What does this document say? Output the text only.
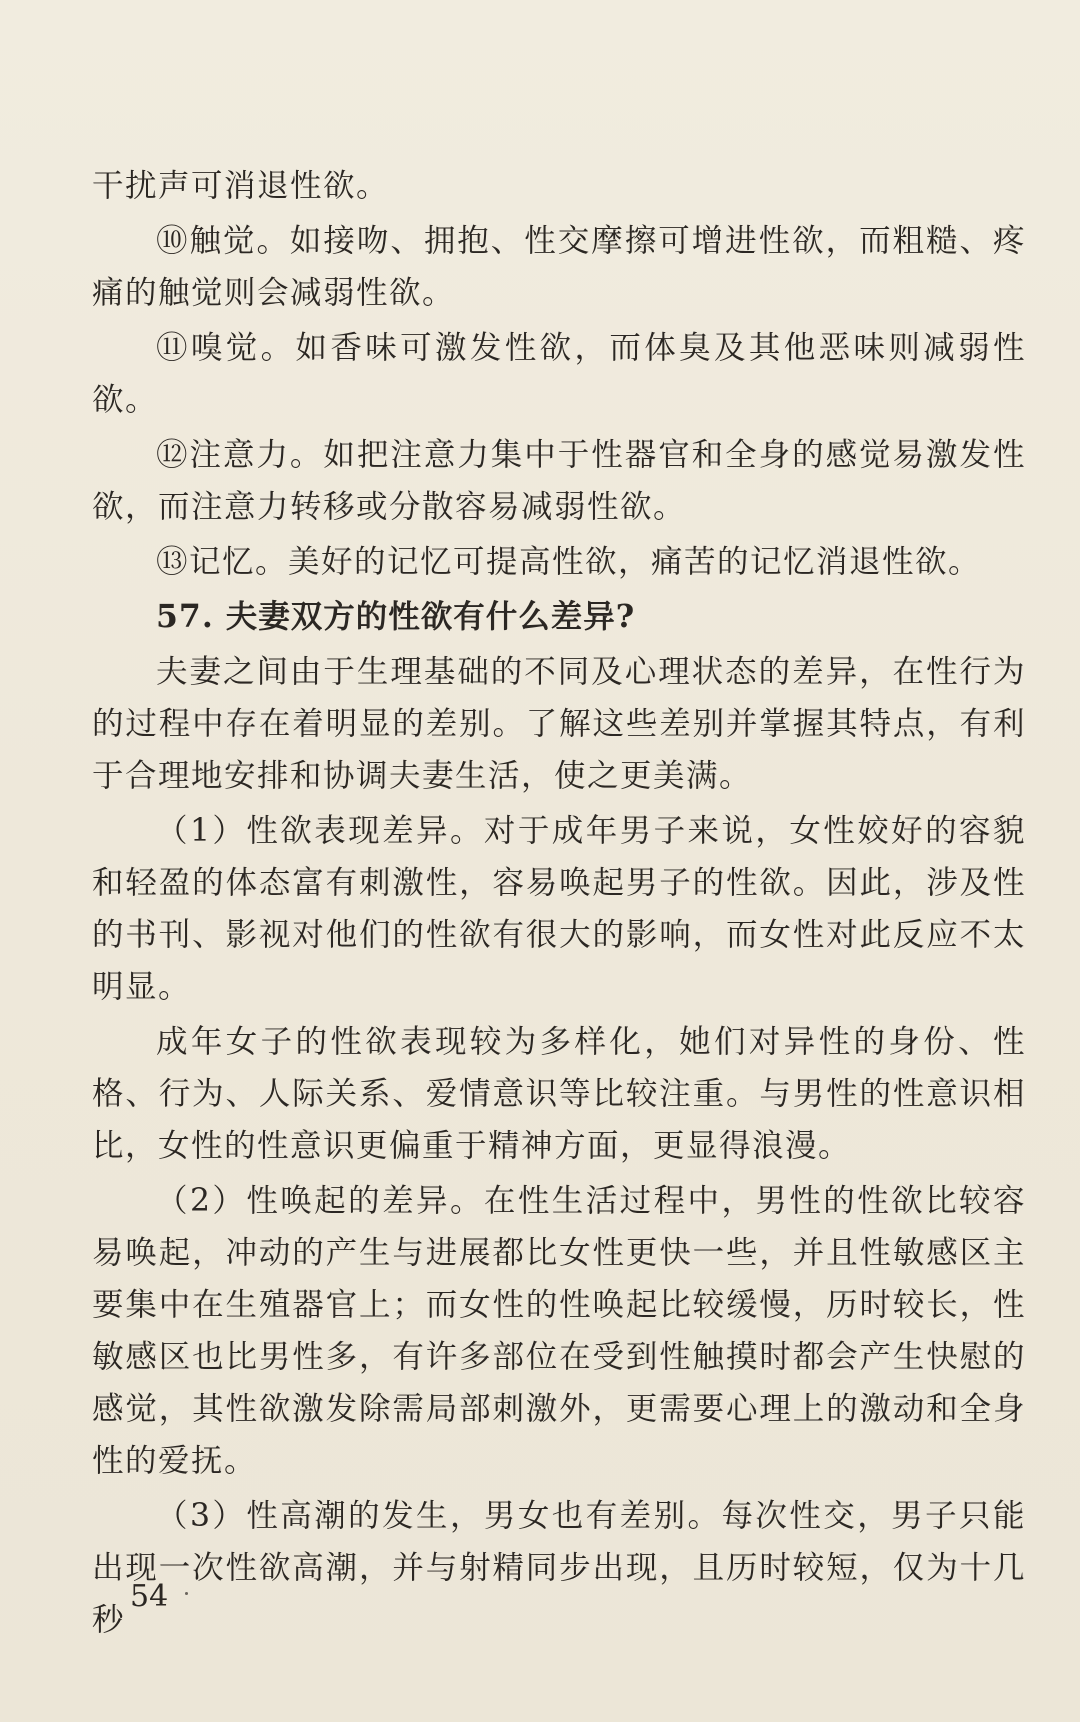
干扰声可消退性欲。

⑩触觉。如接吻、拥抱、性交摩擦可增进性欲，而粗糙、疼痛的触觉则会减弱性欲。

⑪嗅觉。如香味可激发性欲，而体臭及其他恶味则减弱性欲。

⑫注意力。如把注意力集中于性器官和全身的感觉易激发性欲，而注意力转移或分散容易减弱性欲。

⑬记忆。美好的记忆可提高性欲，痛苦的记忆消退性欲。

57. 夫妻双方的性欲有什么差异?

夫妻之间由于生理基础的不同及心理状态的差异，在性行为的过程中存在着明显的差别。了解这些差别并掌握其特点，有利于合理地安排和协调夫妻生活，使之更美满。

（1）性欲表现差异。对于成年男子来说，女性姣好的容貌和轻盈的体态富有刺激性，容易唤起男子的性欲。因此，涉及性的书刊、影视对他们的性欲有很大的影响，而女性对此反应不太明显。

成年女子的性欲表现较为多样化，她们对异性的身份、性格、行为、人际关系、爱情意识等比较注重。与男性的性意识相比，女性的性意识更偏重于精神方面，更显得浪漫。

（2）性唤起的差异。在性生活过程中，男性的性欲比较容易唤起，冲动的产生与进展都比女性更快一些，并且性敏感区主要集中在生殖器官上；而女性的性唤起比较缓慢，历时较长，性敏感区也比男性多，有许多部位在受到性触摸时都会产生快慰的感觉，其性欲激发除需局部刺激外，更需要心理上的激动和全身性的爱抚。

（3）性高潮的发生，男女也有差别。每次性交，男子只能出现一次性欲高潮，并与射精同步出现，且历时较短，仅为十几秒

54
